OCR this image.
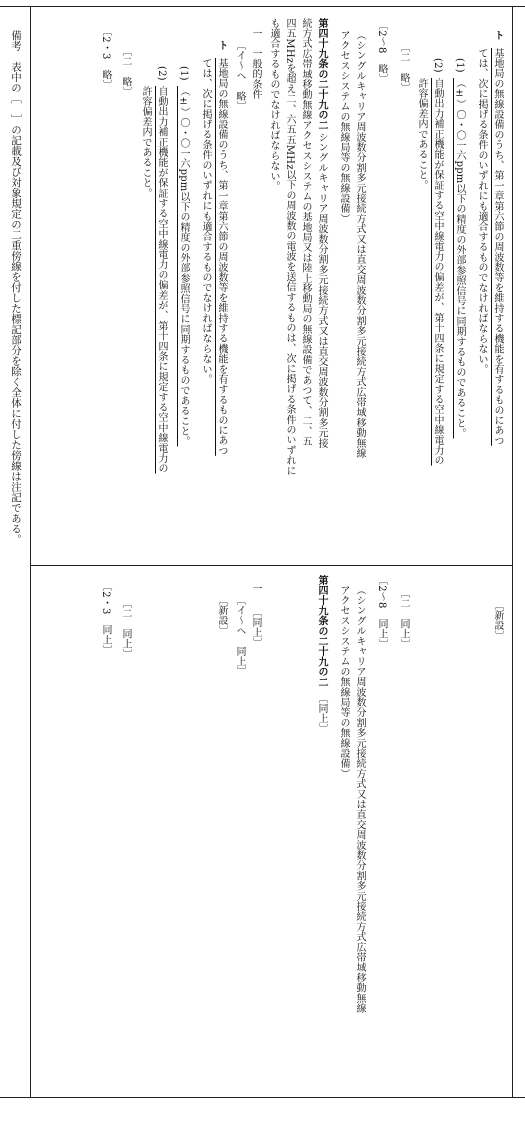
ト
基地局の無線設備のうち、第一章第六節の周波数等を維持する機能を有するものにあつ
ては、次に掲げる条件のいずれにも適合するものでなければならない。
(1)
（±）〇・〇一六ppm以下の精度の外部参照信号に同期するものであること。
(2)
自動出力補正機能が保証する空中線電力の偏差が、第十四条に規定する空中線電力の
許容偏差内であること。
〔二　略〕
〔2～8　略〕
（シングルキャリア周波数分割多元接続方式又は直交周波数分割多元接続方式広帯域移動無線
アクセスシステムの無線局等の無線設備）
第四十九条の二十九の二
シングルキャリア周波数分割多元接続方式又は直交周波数分割多元接
続方式広帯域移動無線アクセスシステムの基地局又は陸上移動局の無線設備であつて、二、五
四五MHzを超え二、六五五MHz以下の周波数の電波を送信するものは、次に掲げる条件のいずれに
も適合するものでなければならない。
一　一般的条件
〔イ～ヘ　略〕
ト
基地局の無線設備のうち、第一章第六節の周波数等を維持する機能を有するものにあつ
ては、次に掲げる条件のいずれにも適合するものでなければならない。
(1)
（±）〇・〇一六ppm以下の精度の外部参照信号に同期するものであること。
(2)
自動出力補正機能が保証する空中線電力の偏差が、第十四条に規定する空中線電力の
許容偏差内であること。
〔二　略〕
〔2・3　略〕
〔新設〕
〔二　同上〕
〔2～8　同上〕
（シングルキャリア周波数分割多元接続方式又は直交周波数分割多元接続方式広帯域移動無線
アクセスシステムの無線局等の無線設備）
第四十九条の二十九の二
〔同上〕
一
〔同上〕
〔イ～ヘ　同上〕
〔新設〕
〔二　同上〕
〔2・3　同上〕
備考　表中の［　］の記載及び対象規定の二重傍線を付した標記部分を除く全体に付した傍線は注記である。
